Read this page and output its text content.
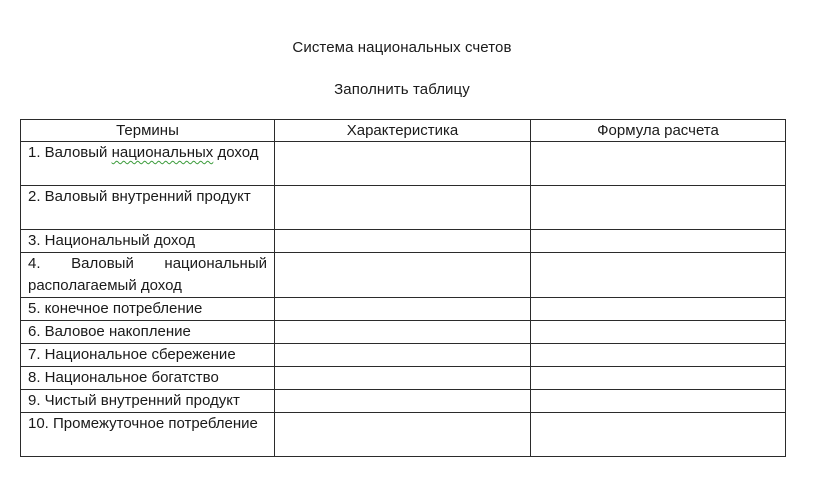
Система национальных счетов
Заполнить таблицу
Термины	Характеристика	Формула расчета
1. Валовый национальных доход		
2. Валовый внутренний продукт		
3. Национальный доход		
4. Валовый национальный располагаемый доход		
5. конечное потребление		
6. Валовое накопление		
7. Национальное сбережение		
8. Национальное богатство		
9. Чистый внутренний продукт		
10. Промежуточное потребление		
